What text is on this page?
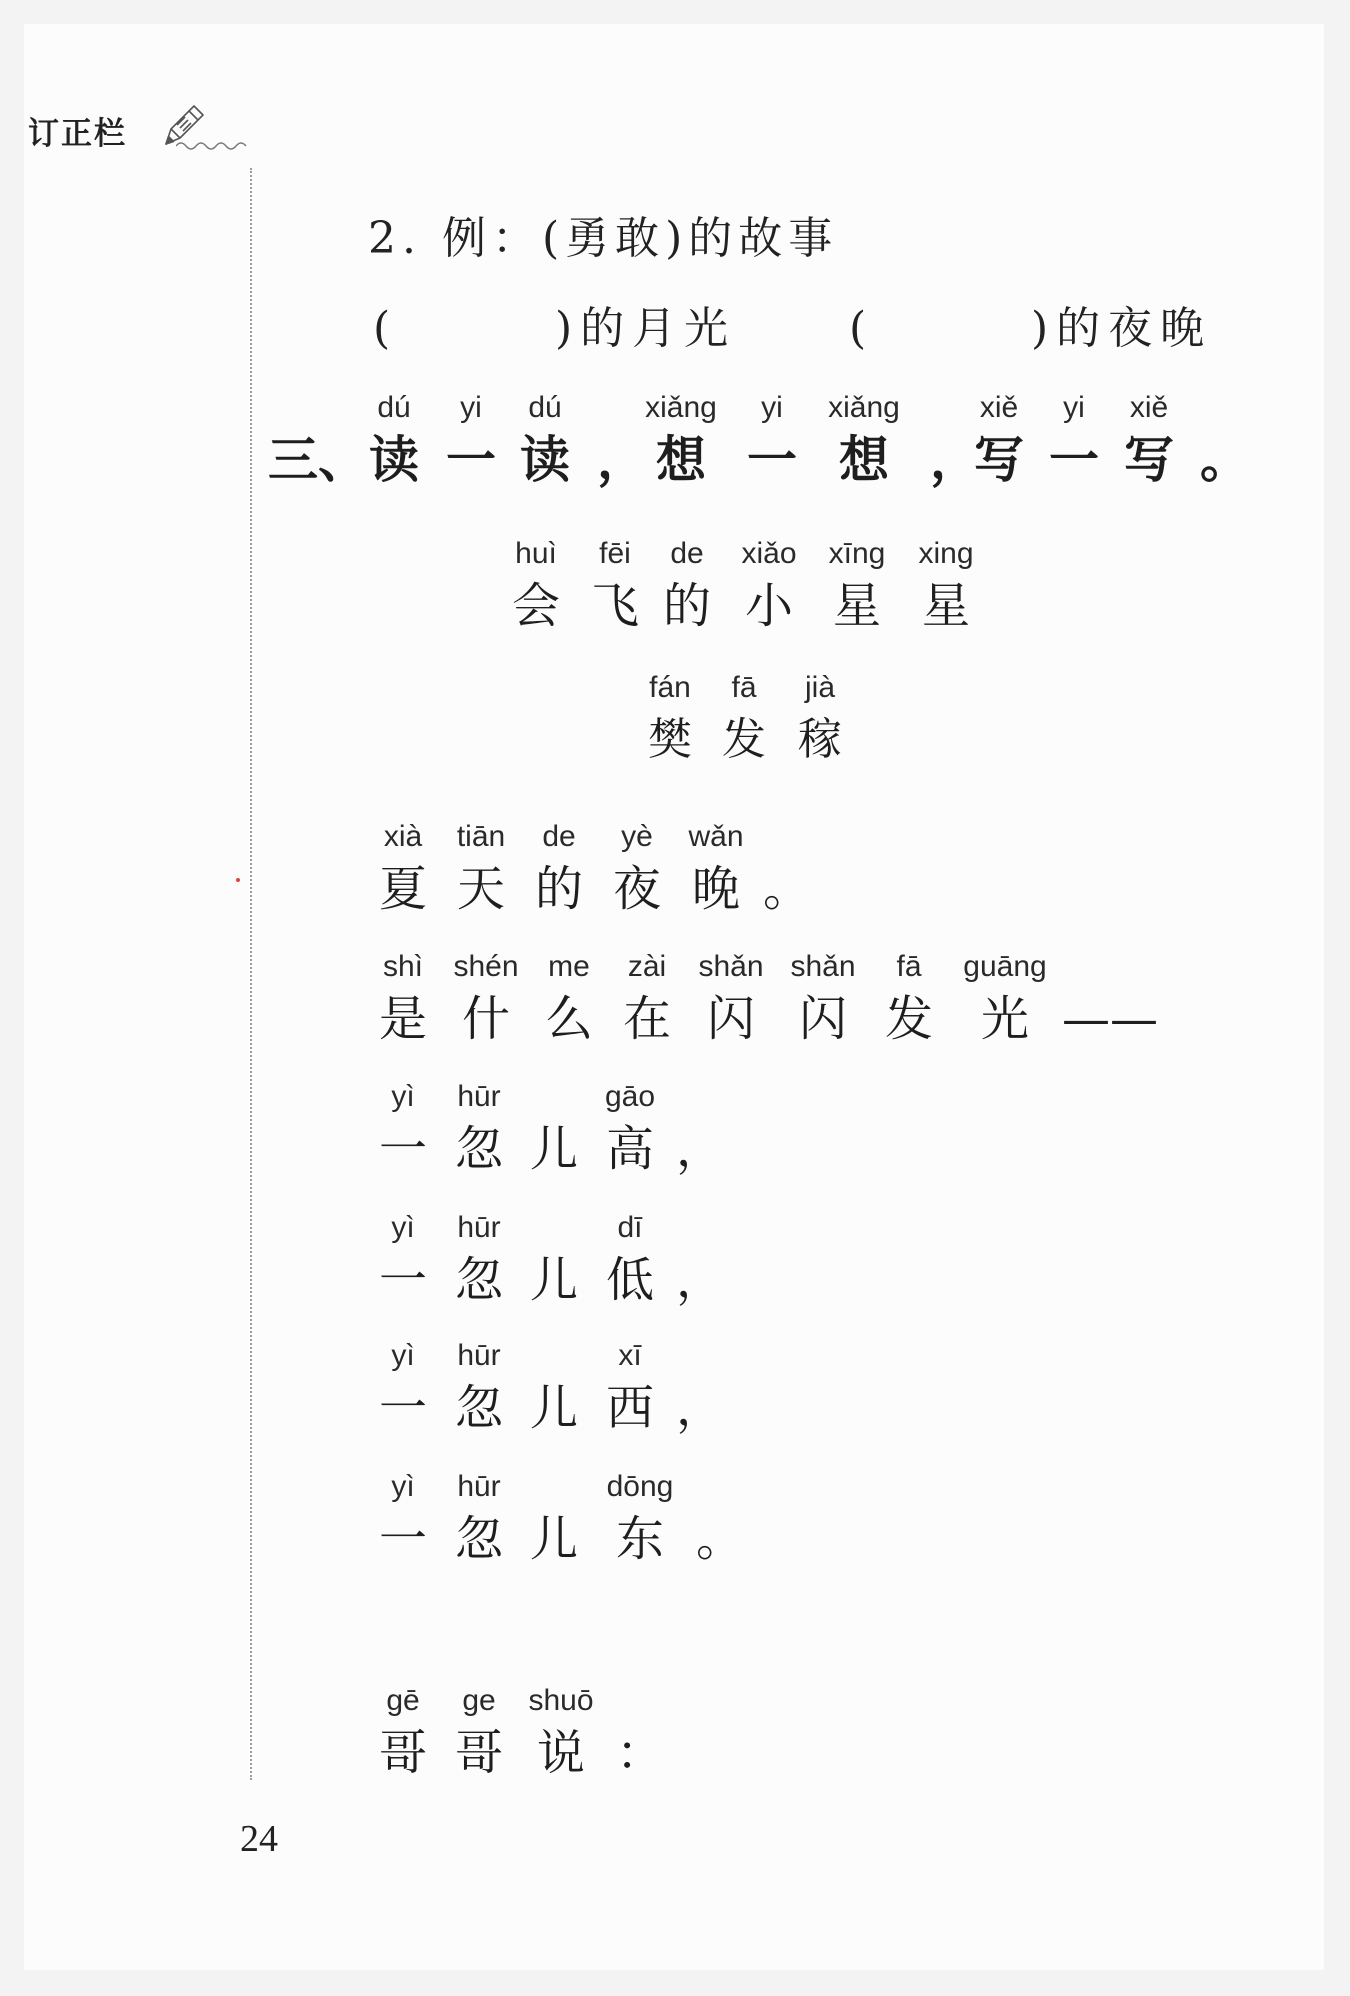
订正栏
2. 例：(勇敢)的故事
(	)的月光	(	)的夜晚
三、
dú
读
yi
一
dú
读 ，
xiǎng
想
yi
一
xiǎng
想 ，
xiě
写
yi
一
xiě
写 。
huì
会
fēi
飞
de
的
xiǎo
小
xīng
星
xing
星
fán
樊
fā
发
jià
稼
xià
夏
tiān
天
de
的
yè
夜
wǎn
晚 。
shì
是
shén
什
me
么
zài
在
shǎn
闪
shǎn
闪
fā
发
guāng
光 ——
yì
一
hūr
忽 儿
gāo
高 ，
yì
一
hūr
忽 儿
dī
低 ，
yì
一
hūr
忽 儿
xī
西 ，
yì
一
hūr
忽 儿
dōng
东 。
gē
哥
ge
哥
shuō
说 ：
24
